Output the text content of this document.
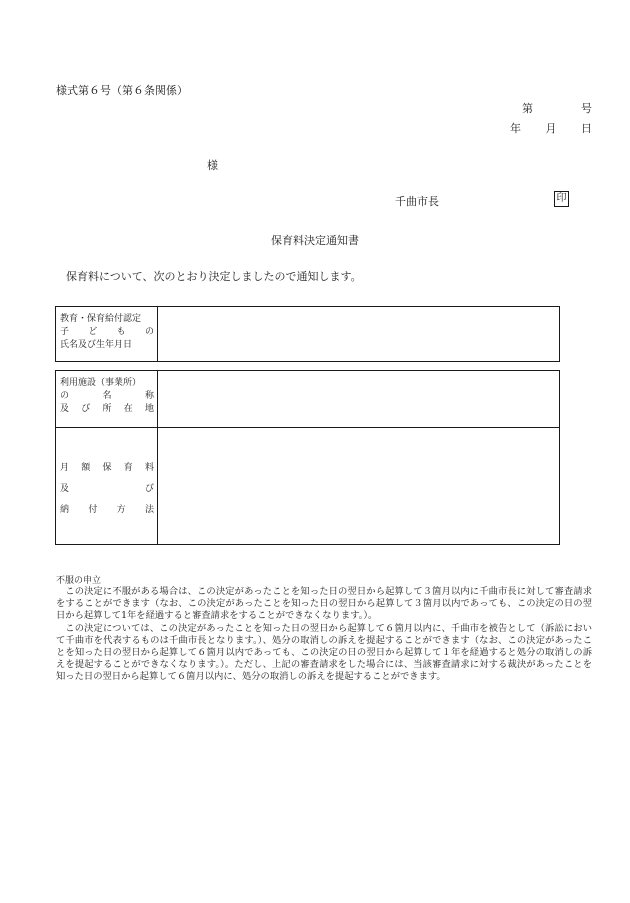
様式第６号（第６条関係）
第	号
年 月 日
様
千曲市長	印
保育料決定通知書
保育料について、次のとおり決定しましたので通知します。
教育・保育給付認定
子 ど も の
氏名及び生年月日
利用施設（事業所）
の	名	称
及 び 所 在 地
月 額 保 育 料
及	び
納 付 方 法
不服の申立

この決定に不服がある場合は、この決定があったことを知った日の翌日から起算して３箇月以内に千曲市長に対して審査請求をすることができます（なお、この決定があったことを知った日の翌日から起算して３箇月以内であっても、この決定の日の翌日から起算して1年を経過すると審査請求をすることができなくなります。）。

この決定については、この決定があったことを知った日の翌日から起算して６箇月以内に、千曲市を被告として（訴訟において千曲市を代表するものは千曲市長となります。）、処分の取消しの訴えを提起することができます（なお、この決定があったことを知った日の翌日から起算して６箇月以内であっても、この決定の日の翌日から起算して１年を経過すると処分の取消しの訴えを提起することができなくなります。）。ただし、上記の審査請求をした場合には、当該審査請求に対する裁決があったことを知った日の翌日から起算して６箇月以内に、処分の取消しの訴えを提起することができます。
